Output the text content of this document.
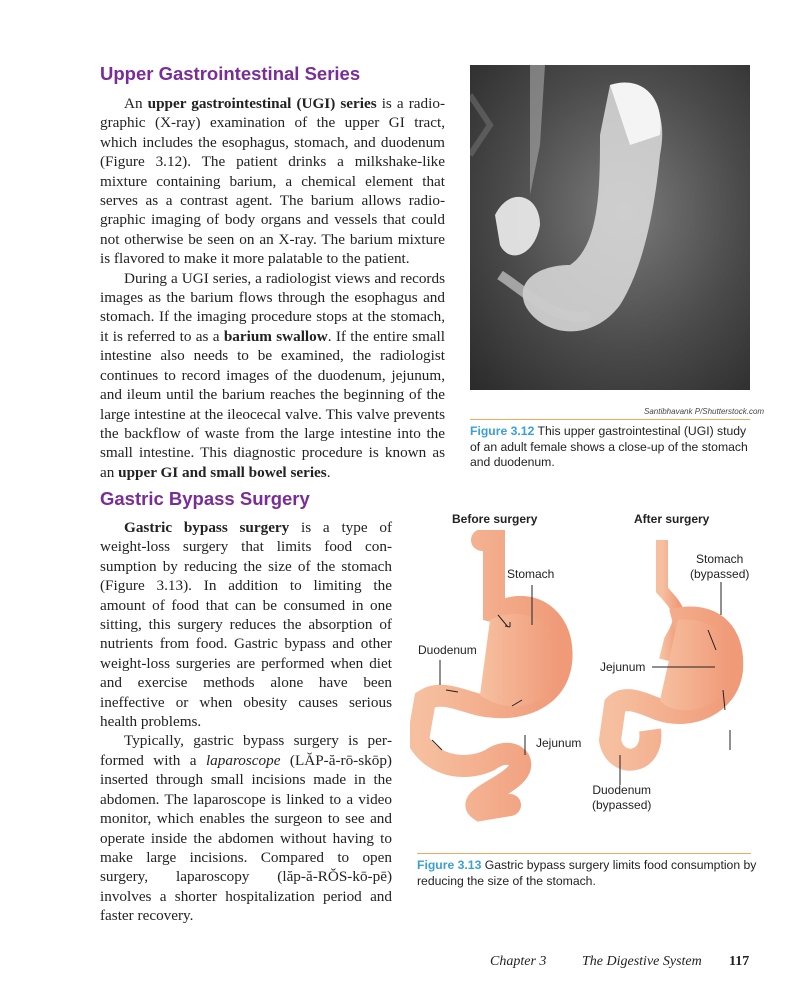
Upper Gastrointestinal Series

An upper gastrointestinal (UGI) series is a radiographic (X-ray) examination of the upper GI tract, which includes the esophagus, stomach, and duodenum (Figure 3.12). The patient drinks a milkshake-like mixture containing barium, a chemical element that serves as a contrast agent. The barium allows radiographic imaging of body organs and vessels that could not otherwise be seen on an X-ray. The barium mixture is flavored to make it more palatable to the patient.

During a UGI series, a radiologist views and records images as the barium flows through the esophagus and stomach. If the imaging procedure stops at the stomach, it is referred to as a barium swallow. If the entire small intestine also needs to be examined, the radiologist continues to record images of the duodenum, jejunum, and ileum until the barium reaches the beginning of the large intestine at the ileocecal valve. This valve prevents the backflow of waste from the large intestine into the small intestine. This diagnostic procedure is known as an upper GI and small bowel series.

Santibhavank P/Shutterstock.com

Figure 3.12 This upper gastrointestinal (UGI) study of an adult female shows a close-up of the stomach and duodenum.

Gastric Bypass Surgery

Gastric bypass surgery is a type of weight-loss surgery that limits food consumption by reducing the size of the stomach (Figure 3.13). In addition to limiting the amount of food that can be consumed in one sitting, this surgery reduces the absorption of nutrients from food. Gastric bypass and other weight-loss surgeries are performed when diet and exercise methods alone have been ineffective or when obesity causes serious health problems.

Typically, gastric bypass surgery is performed with a laparoscope (LĂP-ă-rō-skōp) inserted through small incisions made in the abdomen. The laparoscope is linked to a video monitor, which enables the surgeon to see and operate inside the abdomen without having to make large incisions. Compared to open surgery, laparoscopy (lăp-ă-RŎS-kō-pē) involves a shorter hospitalization period and faster recovery.

Before surgery	After surgery
Stomach
Duodenum
Jejunum
Stomach
(bypassed)
Jejunum
Duodenum
(bypassed)

Figure 3.13 Gastric bypass surgery limits food consumption by reducing the size of the stomach.

Chapter 3	The Digestive System 117
